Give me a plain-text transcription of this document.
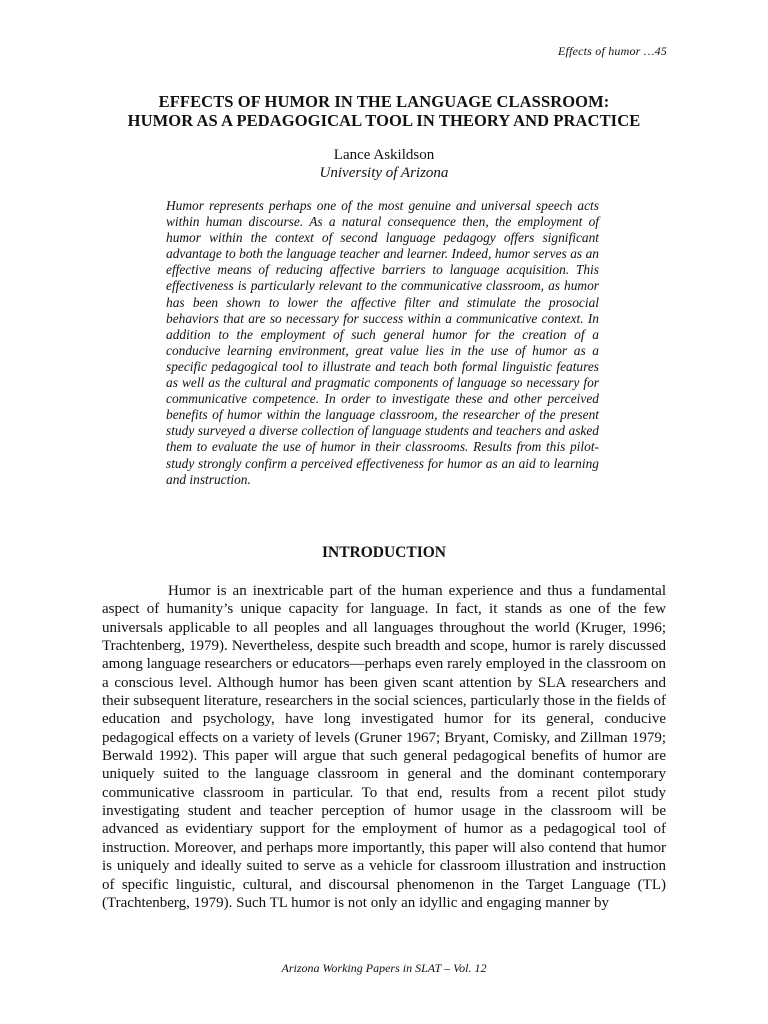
Effects of humor …45
EFFECTS OF HUMOR IN THE LANGUAGE CLASSROOM:
HUMOR AS A PEDAGOGICAL TOOL IN THEORY AND PRACTICE
Lance Askildson
University of Arizona
Humor represents perhaps one of the most genuine and universal speech acts within human discourse. As a natural consequence then, the employment of humor within the context of second language pedagogy offers significant advantage to both the language teacher and learner. Indeed, humor serves as an effective means of reducing affective barriers to language acquisition. This effectiveness is particularly relevant to the communicative classroom, as humor has been shown to lower the affective filter and stimulate the prosocial behaviors that are so necessary for success within a communicative context. In addition to the employment of such general humor for the creation of a conducive learning environment, great value lies in the use of humor as a specific pedagogical tool to illustrate and teach both formal linguistic features as well as the cultural and pragmatic components of language so necessary for communicative competence. In order to investigate these and other perceived benefits of humor within the language classroom, the researcher of the present study surveyed a diverse collection of language students and teachers and asked them to evaluate the use of humor in their classrooms. Results from this pilot-study strongly confirm a perceived effectiveness for humor as an aid to learning and instruction.
INTRODUCTION

Humor is an inextricable part of the human experience and thus a fundamental aspect of humanity’s unique capacity for language. In fact, it stands as one of the few universals applicable to all peoples and all languages throughout the world (Kruger, 1996; Trachtenberg, 1979). Nevertheless, despite such breadth and scope, humor is rarely discussed among language researchers or educators—perhaps even rarely employed in the classroom on a conscious level. Although humor has been given scant attention by SLA researchers and their subsequent literature, researchers in the social sciences, particularly those in the fields of education and psychology, have long investigated humor for its general, conducive pedagogical effects on a variety of levels (Gruner 1967; Bryant, Comisky, and Zillman 1979; Berwald 1992). This paper will argue that such general pedagogical benefits of humor are uniquely suited to the language classroom in general and the dominant contemporary communicative classroom in particular. To that end, results from a recent pilot study investigating student and teacher perception of humor usage in the classroom will be advanced as evidentiary support for the employment of humor as a pedagogical tool of instruction. Moreover, and perhaps more importantly, this paper will also contend that humor is uniquely and ideally suited to serve as a vehicle for classroom illustration and instruction of specific linguistic, cultural, and discoursal phenomenon in the Target Language (TL) (Trachtenberg, 1979). Such TL humor is not only an idyllic and engaging manner by

Arizona Working Papers in SLAT – Vol. 12
